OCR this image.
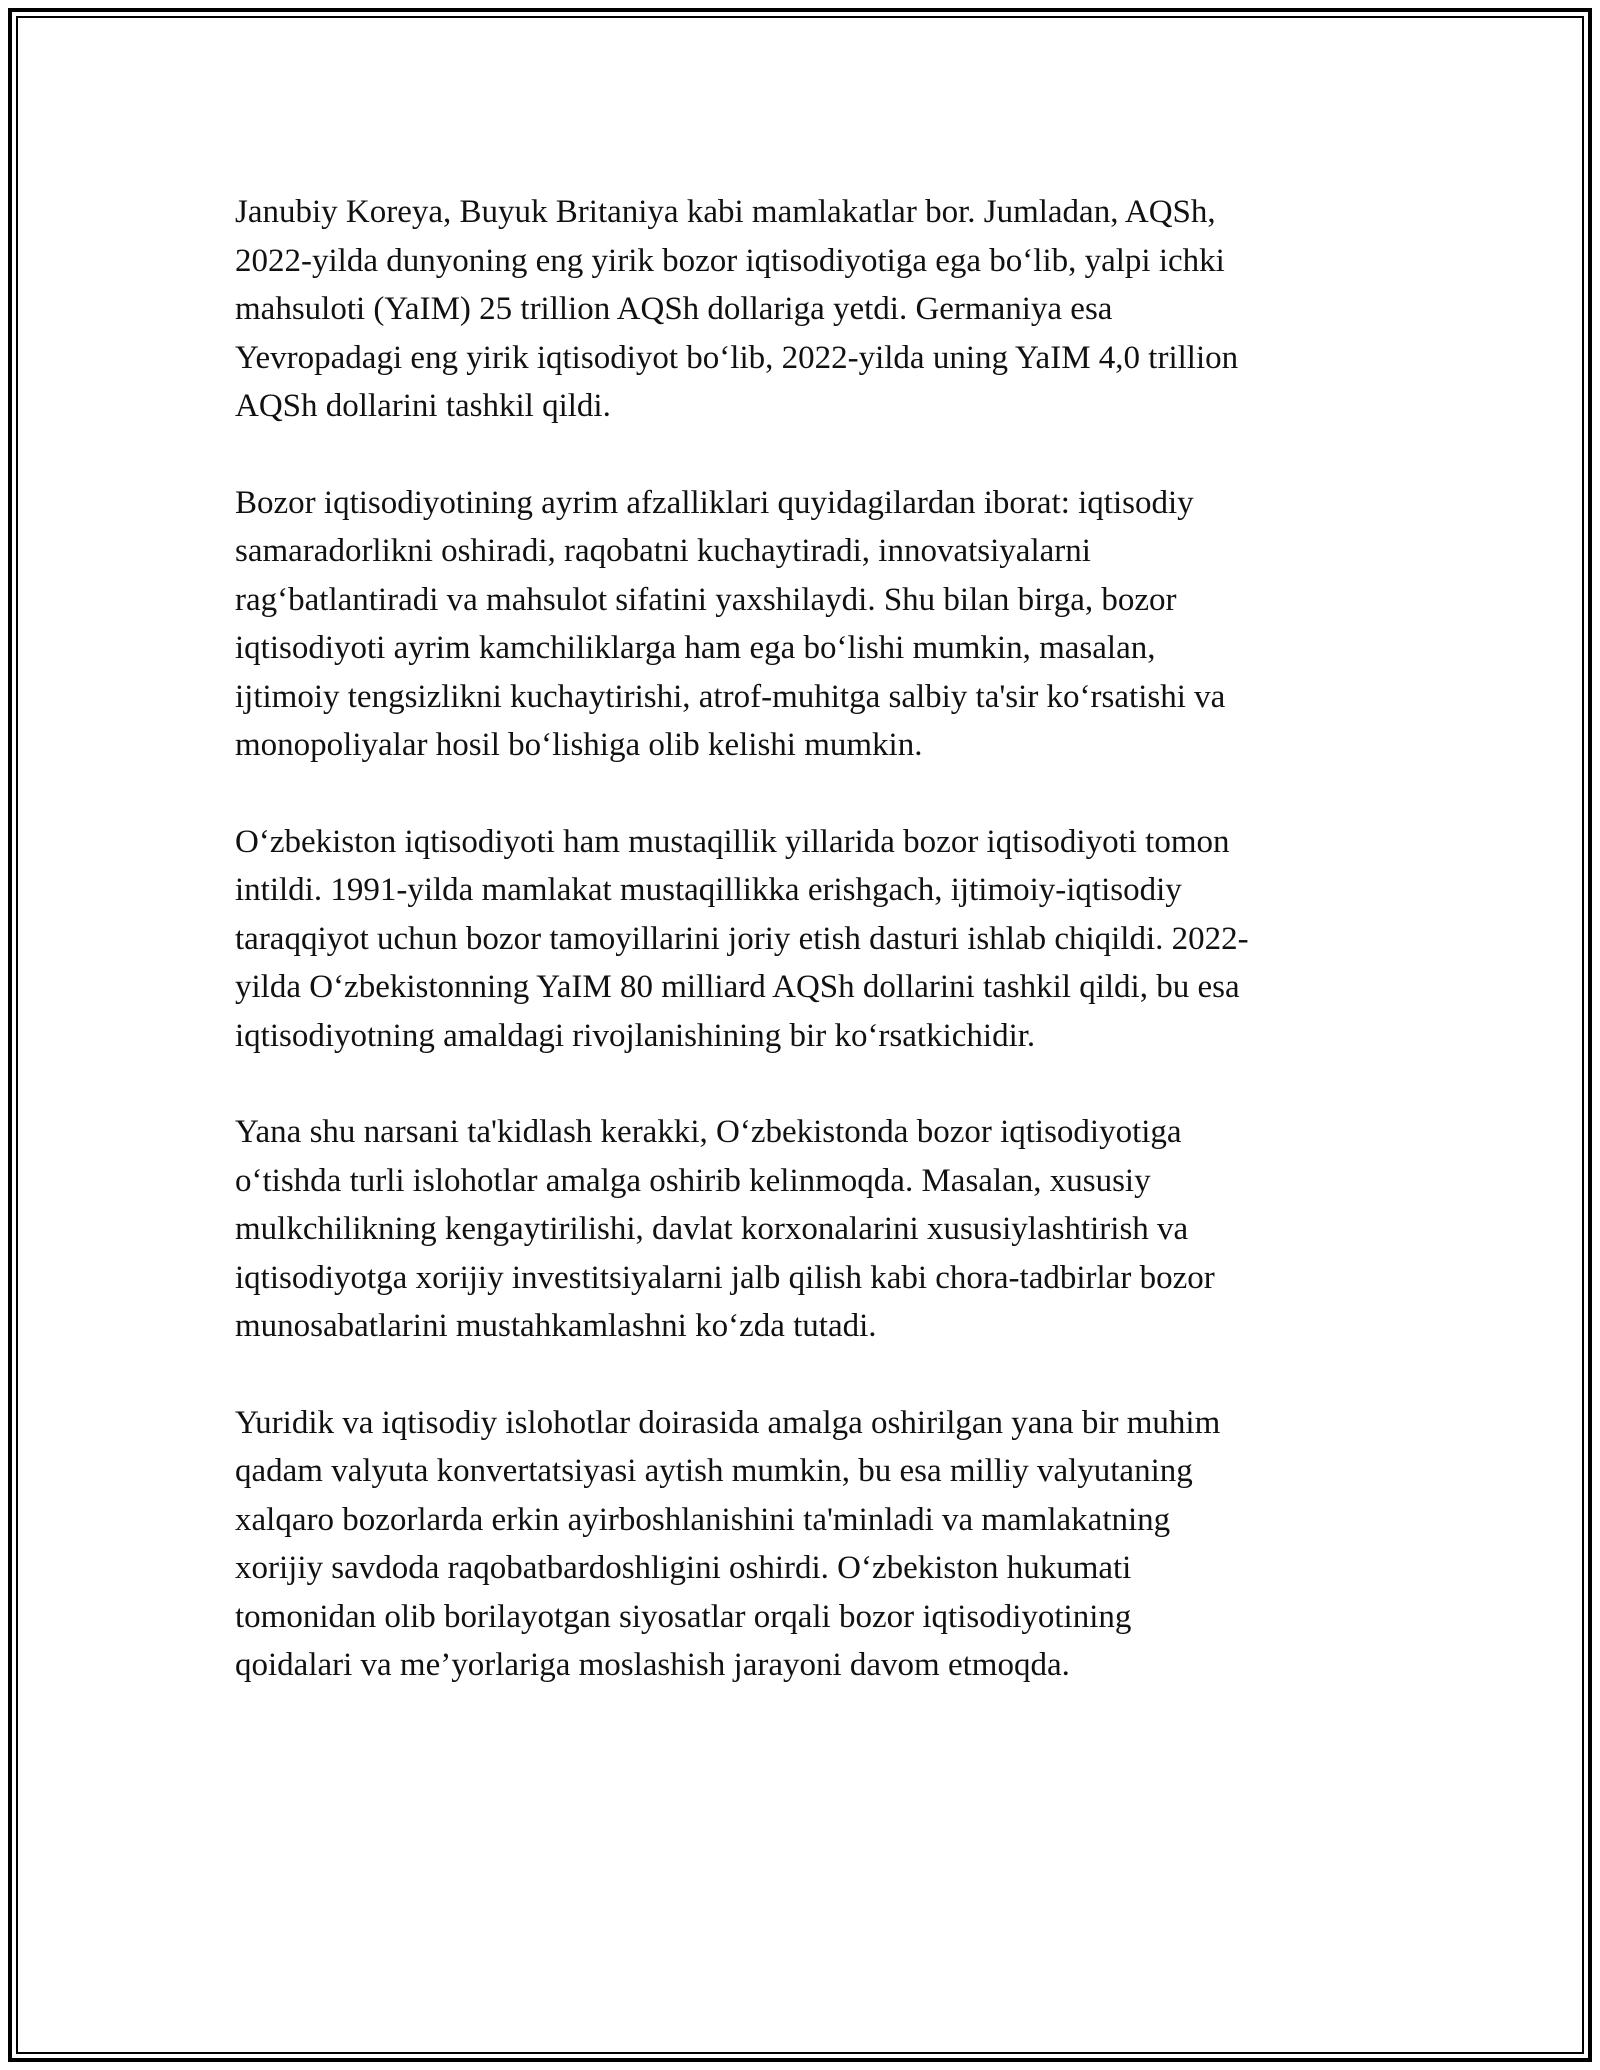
Janubiy Koreya, Buyuk Britaniya kabi mamlakatlar bor. Jumladan, AQSh,
2022-yilda dunyoning eng yirik bozor iqtisodiyotiga ega bo‘lib, yalpi ichki
mahsuloti (YaIM) 25 trillion AQSh dollariga yetdi. Germaniya esa
Yevropadagi eng yirik iqtisodiyot bo‘lib, 2022-yilda uning YaIM 4,0 trillion
AQSh dollarini tashkil qildi.

Bozor iqtisodiyotining ayrim afzalliklari quyidagilardan iborat: iqtisodiy
samaradorlikni oshiradi, raqobatni kuchaytiradi, innovatsiyalarni
rag‘batlantiradi va mahsulot sifatini yaxshilaydi. Shu bilan birga, bozor
iqtisodiyoti ayrim kamchiliklarga ham ega bo‘lishi mumkin, masalan,
ijtimoiy tengsizlikni kuchaytirishi, atrof-muhitga salbiy ta'sir ko‘rsatishi va
monopoliyalar hosil bo‘lishiga olib kelishi mumkin.

O‘zbekiston iqtisodiyoti ham mustaqillik yillarida bozor iqtisodiyoti tomon
intildi. 1991-yilda mamlakat mustaqillikka erishgach, ijtimoiy-iqtisodiy
taraqqiyot uchun bozor tamoyillarini joriy etish dasturi ishlab chiqildi. 2022-
yilda O‘zbekistonning YaIM 80 milliard AQSh dollarini tashkil qildi, bu esa
iqtisodiyotning amaldagi rivojlanishining bir ko‘rsatkichidir.

Yana shu narsani ta'kidlash kerakki, O‘zbekistonda bozor iqtisodiyotiga
o‘tishda turli islohotlar amalga oshirib kelinmoqda. Masalan, xususiy
mulkchilikning kengaytirilishi, davlat korxonalarini xususiylashtirish va
iqtisodiyotga xorijiy investitsiyalarni jalb qilish kabi chora-tadbirlar bozor
munosabatlarini mustahkamlashni ko‘zda tutadi.

Yuridik va iqtisodiy islohotlar doirasida amalga oshirilgan yana bir muhim
qadam valyuta konvertatsiyasi aytish mumkin, bu esa milliy valyutaning
xalqaro bozorlarda erkin ayirboshlanishini ta'minladi va mamlakatning
xorijiy savdoda raqobatbardoshligini oshirdi. O‘zbekiston hukumati
tomonidan olib borilayotgan siyosatlar orqali bozor iqtisodiyotining
qoidalari va me’yorlariga moslashish jarayoni davom etmoqda.
